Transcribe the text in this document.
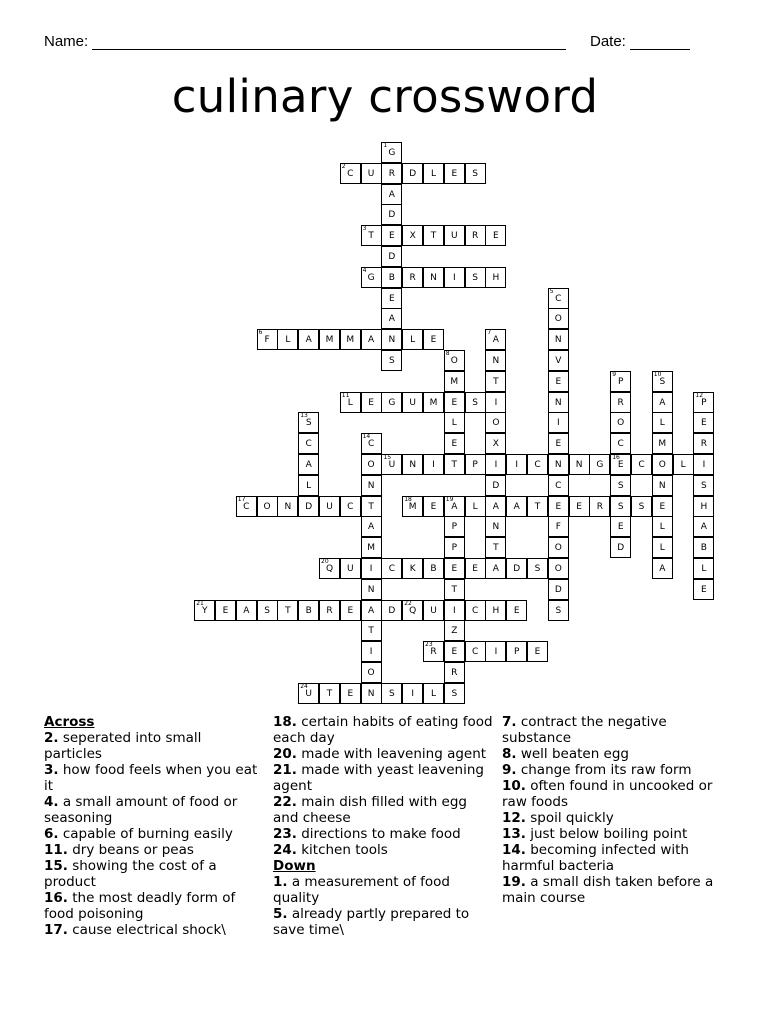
Name:	Date:
culinary crossword
1
G
R
A
D
E
D
B
E
A
N
S
2
C	U	D	L	E	S
3
T	X	T	U	R	E
4
G	R	N	I	S	H
5
C
O
N
V
E
N
I
E
N
C
E
F
O
O
D
S
6
F	L	A	M	M	A	L	E
7
A
N
T
I
O
X
I
D
A
N
T
8
O
M
E
L
E
T
9
P
R
O
C
16
E
S
S
E
D
10
S
A
L
M
O
N
E
L
L
A
11
L	E	G	U	M	S
12
P
E
R
I
S
H
A
B
L
E
13
S
C
A
L
14
C
O
N
T
A
M
I
N
A
T
I
O
N
15
U	N	I	P	I	C	N	G	C	L
17
C	O	N	D	U	C
18
M	E
19
A	L	A	T	E	R	S
P
P
E
T
I
Z
E
R
20
Q	U	C	K	B	E	A	D	S
21
Y	E	A	S	T	B	R	E	D
22
Q	U	C	H	E
23
R	C	I	P	E
24
U	T	E	S	I	L	S
Across
2. seperated into small particles
3. how food feels when you eat it
4. a small amount of food or seasoning
6. capable of burning easily
11. dry beans or peas
15. showing the cost of a product
16. the most deadly form of food poisoning
17. cause electrical shock\
18. certain habits of eating food each day
20. made with leavening agent
21. made with yeast leavening agent
22. main dish filled with egg and cheese
23. directions to make food
24. kitchen tools
Down
1. a measurement of food quality
5. already partly prepared to save time\
7. contract the negative substance
8. well beaten egg
9. change from its raw form
10. often found in uncooked or raw foods
12. spoil quickly
13. just below boiling point
14. becoming infected with harmful bacteria
19. a small dish taken before a main course
